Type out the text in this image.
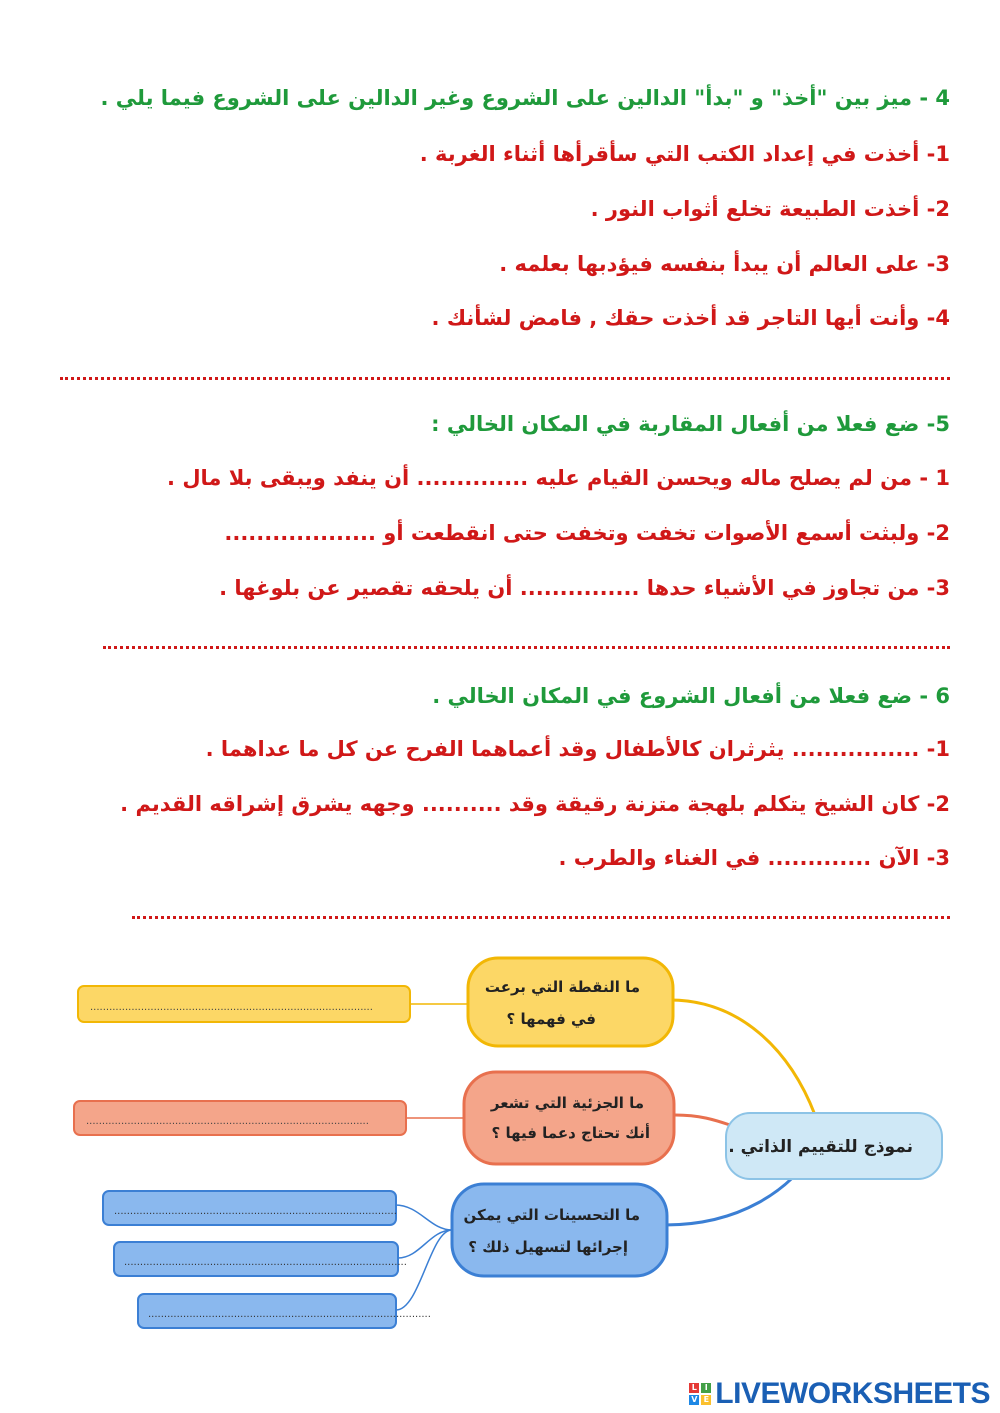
4 - ميز بين "أخذ" و "بدأ" الدالين على الشروع وغير الدالين على الشروع فيما يلي .
1- أخذت في إعداد الكتب التي سأقرأها أثناء الغربة .
2- أخذت الطبيعة تخلع أثواب النور .
3- على العالم أن يبدأ بنفسه فيؤدبها بعلمه .
4- وأنت أيها التاجر قد أخذت حقك , فامض لشأنك .
5- ضع فعلا من أفعال المقاربة في المكان الخالي :
1 - من لم يصلح ماله ويحسن القيام عليه .............. أن ينفد ويبقى بلا مال .
2- ولبثت أسمع الأصوات تخفت وتخفت حتى انقطعت أو ...................
3- من تجاوز في الأشياء حدها ............... أن يلحقه تقصير عن بلوغها .
6 - ضع فعلا من أفعال الشروع في المكان الخالي .
1- ................ يثرثران كالأطفال وقد أعماهما الفرح عن كل ما عداهما .
2- كان الشيخ يتكلم بلهجة متزنة رقيقة وقد .......... وجهه يشرق إشراقه القديم .
3- الآن ............. في الغناء والطرب .
نموذج للتقييم الذاتي .
ما النقطة التي برعت
في فهمها ؟
.........................................................................................
ما الجزئية التي تشعر
أنك تحتاج دعما فيها ؟
.........................................................................................
ما التحسينات التي يمكن
إجرائها لتسهيل ذلك ؟
.........................................................................................
.........................................................................................
.........................................................................................
L I
V E LIVEWORKSHEETS
